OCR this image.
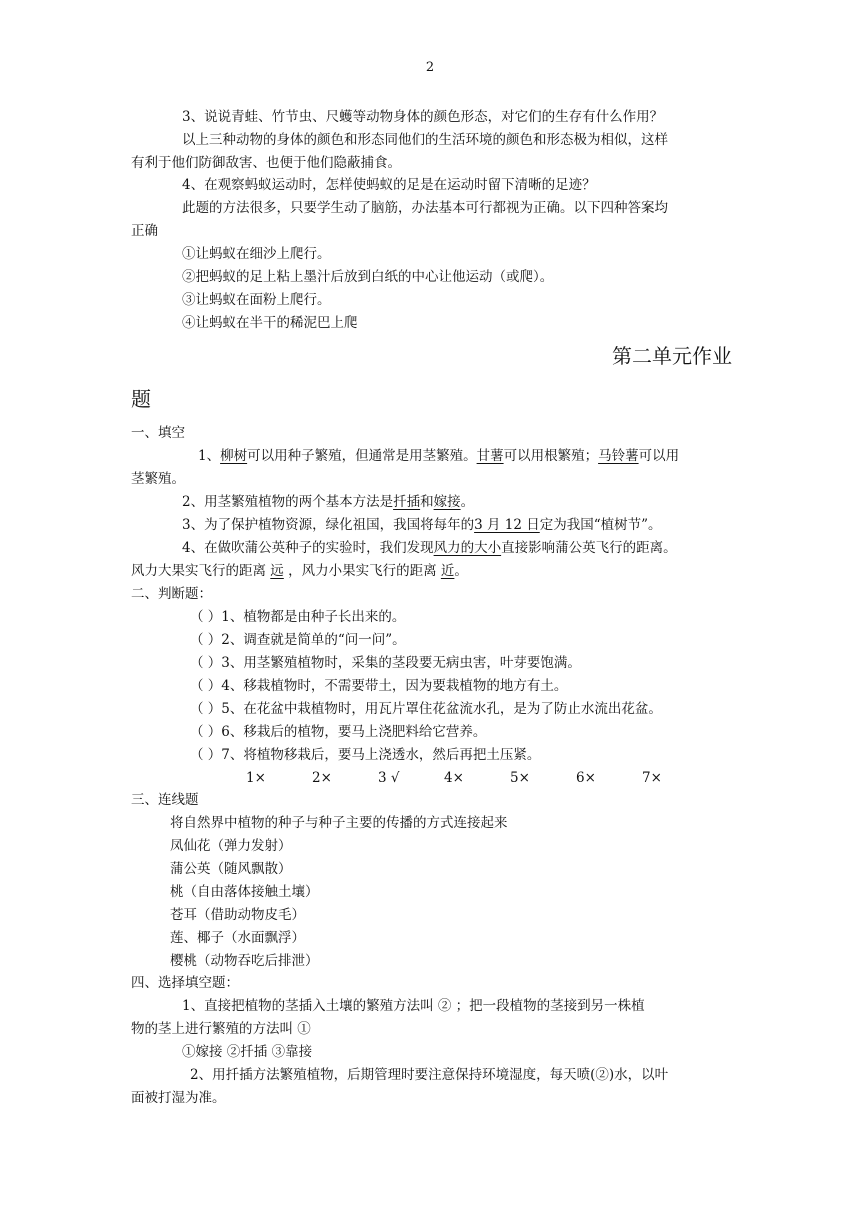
2
3、说说青蛙、竹节虫、尺蠖等动物身体的颜色形态，对它们的生存有什么作用？
以上三种动物的身体的颜色和形态同他们的生活环境的颜色和形态极为相似，这样
有利于他们防御敌害、也便于他们隐蔽捕食。
4、在观察蚂蚁运动时，怎样使蚂蚁的足是在运动时留下清晰的足迹？
此题的方法很多，只要学生动了脑筋，办法基本可行都视为正确。以下四种答案均
正确
①让蚂蚁在细沙上爬行。
②把蚂蚁的足上粘上墨汁后放到白纸的中心让他运动（或爬）。
③让蚂蚁在面粉上爬行。
④让蚂蚁在半干的稀泥巴上爬
第二单元作业
题
一、填空
1、柳树可以用种子繁殖，但通常是用茎繁殖。甘薯可以用根繁殖；马铃薯可以用
茎繁殖。
2、用茎繁殖植物的两个基本方法是扦插和嫁接。
3、为了保护植物资源，绿化祖国，我国将每年的3 月 12 日定为我国“植树节”。
4、在做吹蒲公英种子的实验时，我们发现风力的大小直接影响蒲公英飞行的距离。
风力大果实飞行的距离 远 ，风力小果实飞行的距离 近。
二、判断题：
（ ）1、植物都是由种子长出来的。
（ ）2、调查就是简单的“问一问”。
（ ）3、用茎繁殖植物时，采集的茎段要无病虫害，叶芽要饱满。
（ ）4、移栽植物时，不需要带土，因为要栽植物的地方有土。
（ ）5、在花盆中栽植物时，用瓦片罩住花盆流水孔，是为了防止水流出花盆。
（ ）6、移栽后的植物，要马上浇肥料给它营养。
（ ）7、将植物移栽后，要马上浇透水，然后再把土压紧。
1×	2×	3 √	4×	5×	6×	7×
三、连线题
将自然界中植物的种子与种子主要的传播的方式连接起来
凤仙花（弹力发射）
蒲公英（随风飘散）
桃（自由落体接触土壤）
苍耳（借助动物皮毛）
莲、椰子（水面飘浮）
樱桃（动物吞吃后排泄）
四、选择填空题：
1、直接把植物的茎插入土壤的繁殖方法叫 ② ；把一段植物的茎接到另一株植
物的茎上进行繁殖的方法叫 ①
①嫁接 ②扦插 ③靠接
2、用扦插方法繁殖植物，后期管理时要注意保持环境湿度，每天喷(②)水，以叶
面被打湿为准。
